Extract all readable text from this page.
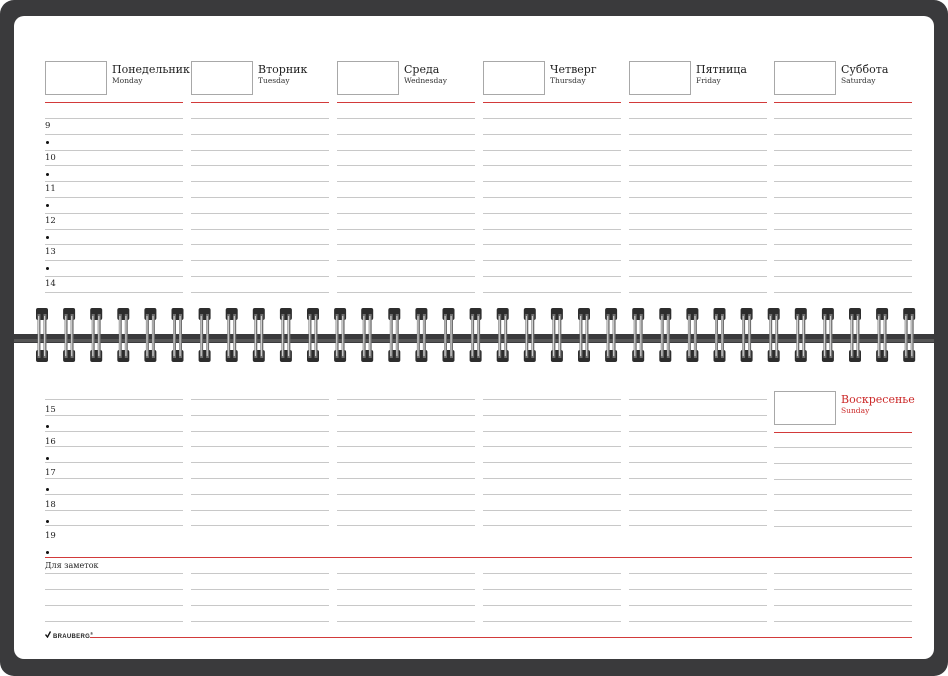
Понедельник
Monday
Вторник
Tuesday
Среда
Wednesday
Четверг
Thursday
Пятница
Friday
Суббота
Saturday
9
10
11
12
13
14
Воскресенье
Sunday
15
16
17
18
19
Для заметок
BRAUBERG®
